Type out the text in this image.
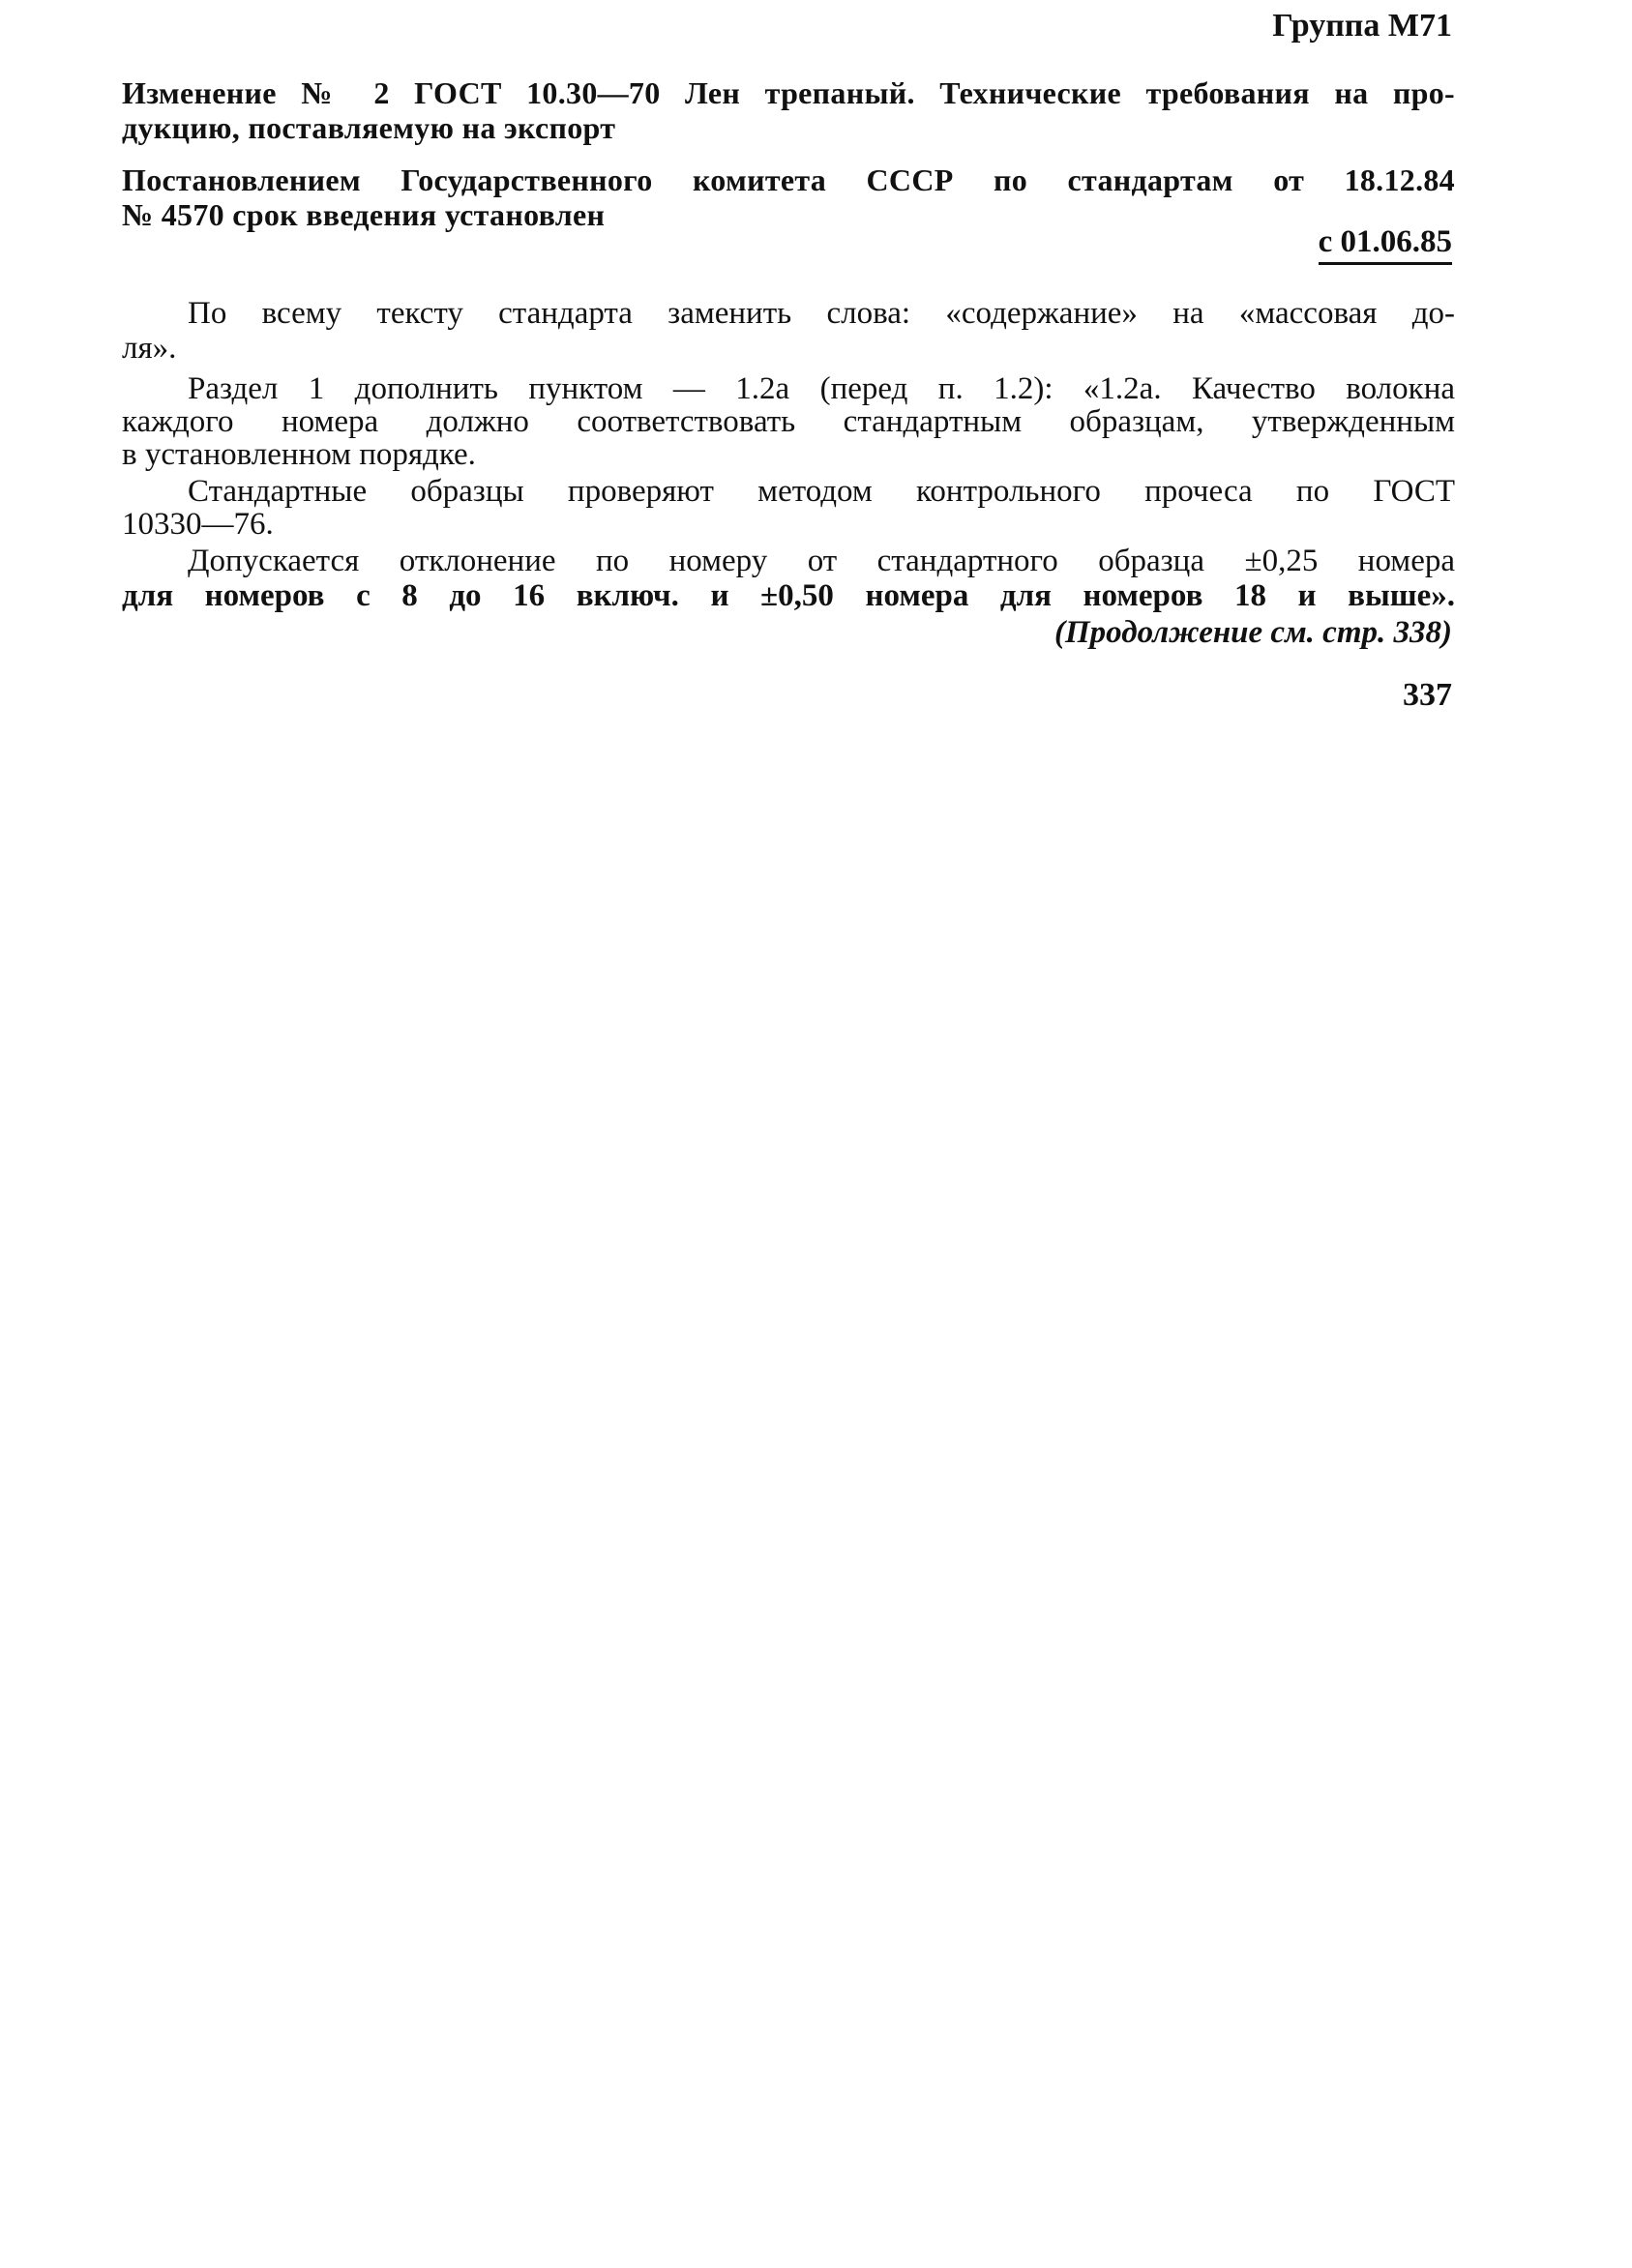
Группа М71
Изменение № 2 ГОСТ 10.30—70 Лен трепаный. Технические требования на про-
дукцию, поставляемую на экспорт
Постановлением Государственного комитета СССР по стандартам от 18.12.84
№ 4570 срок введения установлен
с 01.06.85
По всему тексту стандарта заменить слова: «содержание» на «массовая до-
ля».
Раздел 1 дополнить пунктом — 1.2а (перед п. 1.2): «1.2а. Качество волокна
каждого номера должно соответствовать стандартным образцам, утвержденным
в установленном порядке.
Стандартные образцы проверяют методом контрольного прочеса по ГОСТ
10330—76.
Допускается отклонение по номеру от стандартного образца ±0,25 номера
для номеров с 8 до 16 включ. и ±0,50 номера для номеров 18 и выше».
(Продолжение см. стр. 338)
337
